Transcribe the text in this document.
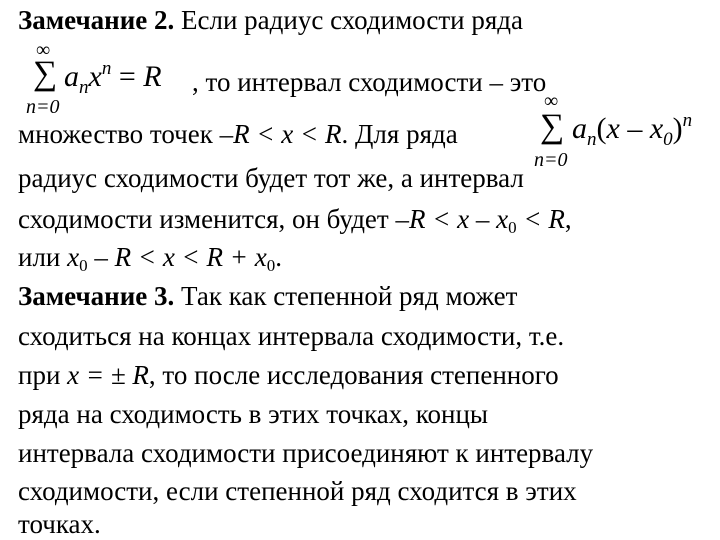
Замечание 2. Если радиус сходимости ряда
∞
∑
n=0
$a_nx^n = R$ , то интервал сходимости – это
∞
∑
n=0
$a_n(x - x_0)^n$
множество точек –R < x < R. Для ряда
радиус сходимости будет тот же, а интервал
сходимости изменится, он будет $-R < x - x_0 < R$,
или $x_0 - R < x < R + x_0$.
Замечание 3. Так как степенной ряд может
сходиться на концах интервала сходимости, т.е.
при x = ± R, то после исследования степенного
ряда на сходимость в этих точках, концы
интервала сходимости присоединяют к интервалу
сходимости, если степенной ряд сходится в этих
точках.
